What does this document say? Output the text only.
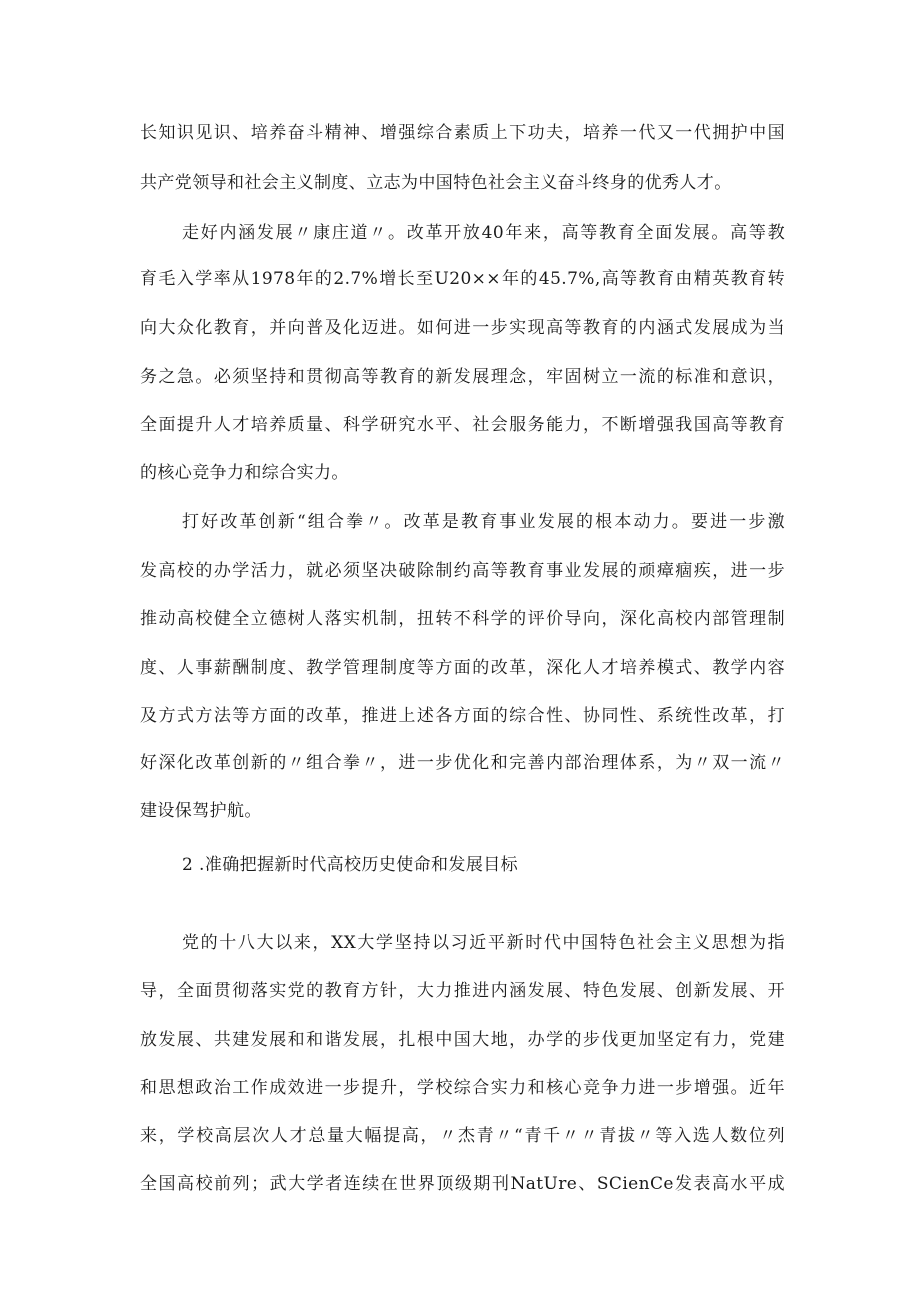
长知识见识、培养奋斗精神、增强综合素质上下功夫，培养一代又一代拥护中国
共产党领导和社会主义制度、立志为中国特色社会主义奋斗终身的优秀人才。
走好内涵发展〃康庄道〃。改革开放40年来，高等教育全面发展。高等教
育毛入学率从1978年的2.7%增长至U20××年的45.7%,高等教育由精英教育转
向大众化教育，并向普及化迈进。如何进一步实现高等教育的内涵式发展成为当
务之急。必须坚持和贯彻高等教育的新发展理念，牢固树立一流的标准和意识，
全面提升人才培养质量、科学研究水平、社会服务能力，不断增强我国高等教育
的核心竞争力和综合实力。
打好改革创新“组合拳〃。改革是教育事业发展的根本动力。要进一步激
发高校的办学活力，就必须坚决破除制约高等教育事业发展的顽瘴痼疾，进一步
推动高校健全立德树人落实机制，扭转不科学的评价导向，深化高校内部管理制
度、人事薪酬制度、教学管理制度等方面的改革，深化人才培养模式、教学内容
及方式方法等方面的改革，推进上述各方面的综合性、协同性、系统性改革，打
好深化改革创新的〃组合拳〃，进一步优化和完善内部治理体系，为〃双一流〃
建设保驾护航。
2 .准确把握新时代高校历史使命和发展目标
党的十八大以来，XX大学坚持以习近平新时代中国特色社会主义思想为指
导，全面贯彻落实党的教育方针，大力推进内涵发展、特色发展、创新发展、开
放发展、共建发展和和谐发展，扎根中国大地，办学的步伐更加坚定有力，党建
和思想政治工作成效进一步提升，学校综合实力和核心竞争力进一步增强。近年
来，学校高层次人才总量大幅提高，〃杰青〃“青千〃〃青拔〃等入选人数位列
全国高校前列；武大学者连续在世界顶级期刊NatUre、SCienCe发表高水平成
